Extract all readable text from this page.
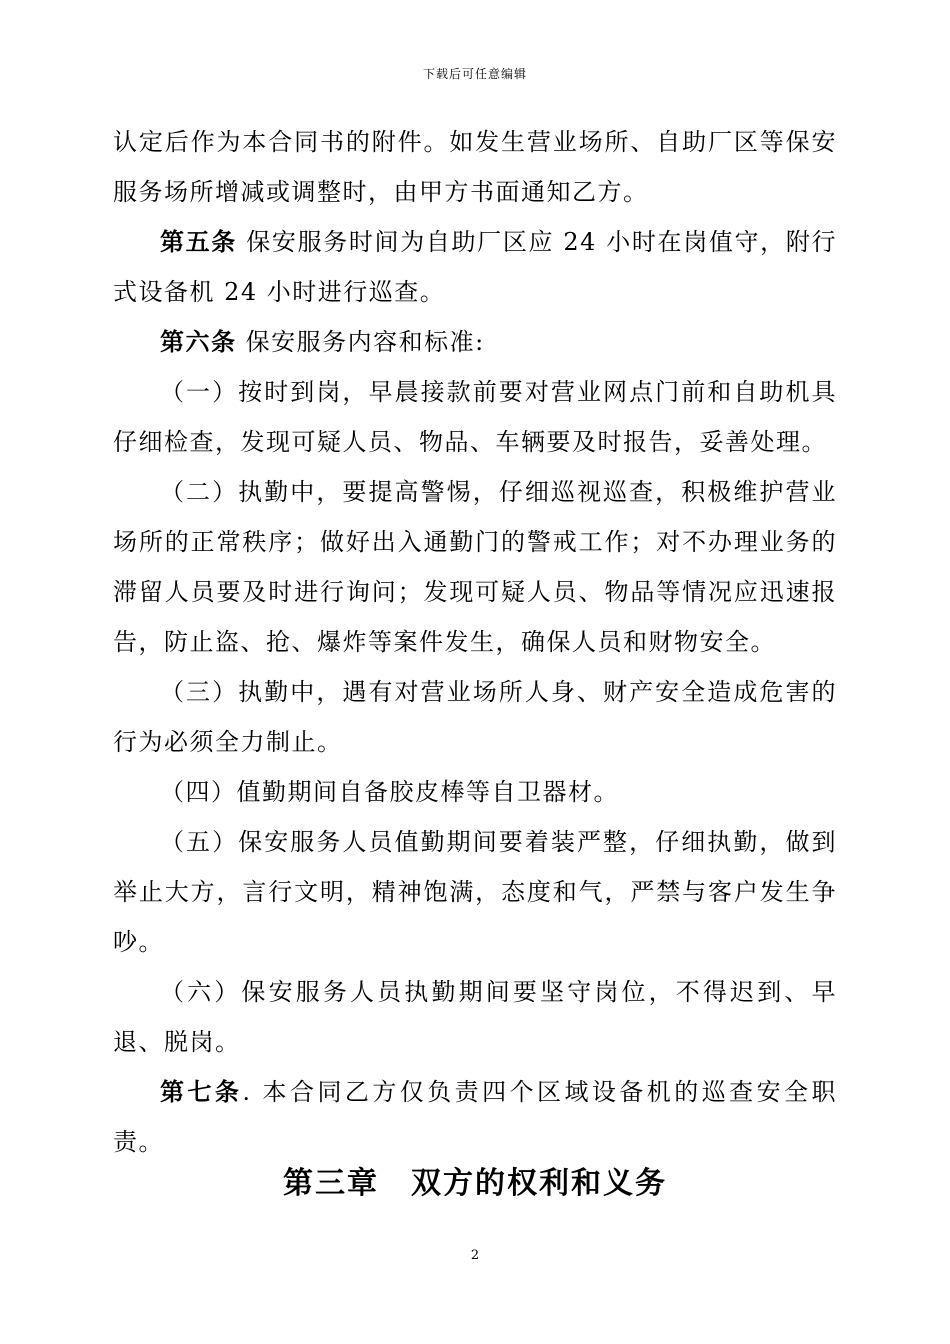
下载后可任意编辑

认定后作为本合同书的附件。如发生营业场所、自助厂区等保安服务场所增减或调整时，由甲方书面通知乙方。

第五条 保安服务时间为自助厂区应 24 小时在岗值守，附行式设备机 24 小时进行巡查。

第六条 保安服务内容和标准:

（一）按时到岗，早晨接款前要对营业网点门前和自助机具仔细检查，发现可疑人员、物品、车辆要及时报告，妥善处理。

（二）执勤中，要提高警惕，仔细巡视巡查，积极维护营业场所的正常秩序；做好出入通勤门的警戒工作；对不办理业务的滞留人员要及时进行询问；发现可疑人员、物品等情况应迅速报告，防止盗、抢、爆炸等案件发生，确保人员和财物安全。

（三）执勤中，遇有对营业场所人身、财产安全造成危害的行为必须全力制止。

（四）值勤期间自备胶皮棒等自卫器材。

（五）保安服务人员值勤期间要着装严整，仔细执勤，做到举止大方，言行文明，精神饱满，态度和气，严禁与客户发生争吵。

（六）保安服务人员执勤期间要坚守岗位，不得迟到、早退、脱岗。

第七条. 本合同乙方仅负责四个区域设备机的巡查安全职责。

第三章　双方的权利和义务
2
